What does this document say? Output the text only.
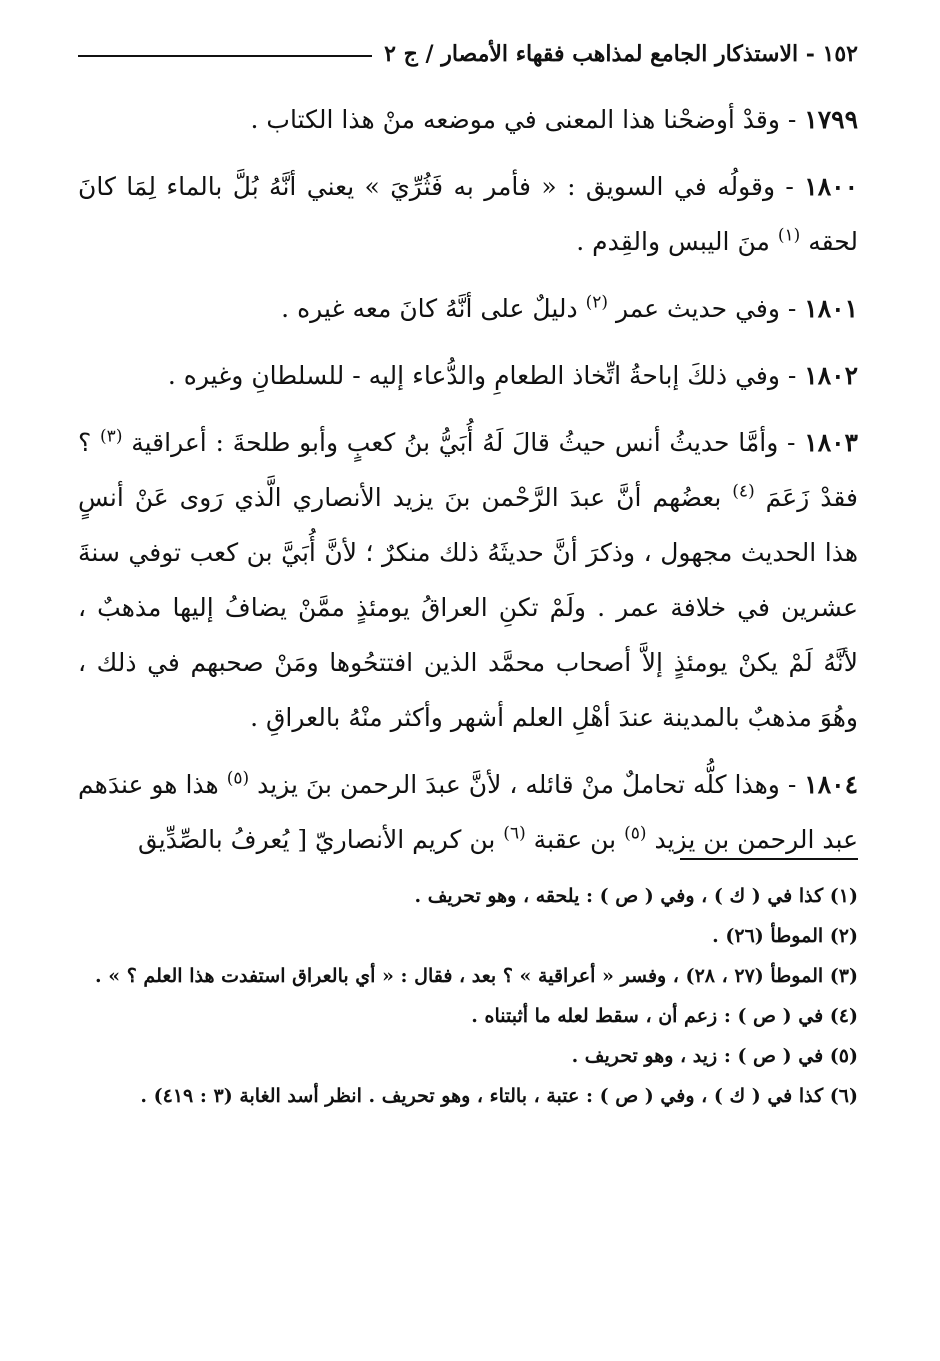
١٥٢ - الاستذكار الجامع لمذاهب فقهاء الأمصار / ج ٢

١٧٩٩ - وقدْ أوضحْنا هذا المعنى في موضعه منْ هذا الكتاب .

١٨٠٠ - وقولُه في السويق : « فأمر به فَثُرِّيَ » يعني أنَّهُ بُلَّ بالماء لِمَا كانَ لحقه $^{(١)}$ منَ اليبس والقِدم .

١٨٠١ - وفي حديث عمر $^{(٢)}$ دليلٌ على أنَّهُ كانَ معه غيره .

١٨٠٢ - وفي ذلكَ إباحةُ اتِّخاذ الطعامِ والدُّعاء إليه - للسلطانِ وغيره .

١٨٠٣ - وأمَّا حديثُ أنس حيثُ قالَ لَهُ أُبَيُّ بنُ كعبٍ وأبو طلحةَ : أعراقية $^{(٣)}$ ؟ فقدْ زَعَمَ $^{(٤)}$ بعضُهم أنَّ عبدَ الرَّحْمن بنَ يزيد الأنصاري الَّذي رَوى عَنْ أنسٍ هذا الحديث مجهول ، وذكرَ أنَّ حديثَهُ ذلك منكرٌ ؛ لأنَّ أُبَيَّ بن كعب توفي سنةَ عشرين في خلافة عمر . ولَمْ تكنِ العراقُ يومئذٍ ممَّنْ يضافُ إليها مذهبٌ ، لأنَّهُ لَمْ يكنْ يومئذٍ إلاَّ أصحاب محمَّد الذين افتتحُوها ومَنْ صحبهم في ذلك ، وهُوَ مذهبٌ بالمدينة عندَ أهْلِ العلم أشهر وأكثر منْهُ بالعراقِ .

١٨٠٤ - وهذا كلُّه تحاملٌ منْ قائله ، لأنَّ عبدَ الرحمن بنَ يزيد $^{(٥)}$ هذا هو عندَهم عبد الرحمن بن يزيد $^{(٥)}$ بن عقبة $^{(٦)}$ بن كريم الأنصاريّ [ يُعرفُ بالصِّدِّيق

(١) كذا في ( ك ) ، وفي ( ص ) : يلحقه ، وهو تحريف .

(٢) الموطأ (٢٦) .

(٣) الموطأ (٢٧ ، ٢٨) ، وفسر « أعراقية » ؟ بعد ، فقال : « أي بالعراق استفدت هذا العلم ؟ » .

(٤) في ( ص ) : زعم أن ، سقط لعله ما أثبتناه .

(٥) في ( ص ) : زيد ، وهو تحريف .

(٦) كذا في ( ك ) ، وفي ( ص ) : عتبة ، بالتاء ، وهو تحريف . انظر أسد الغابة (٣ : ٤١٩) .
